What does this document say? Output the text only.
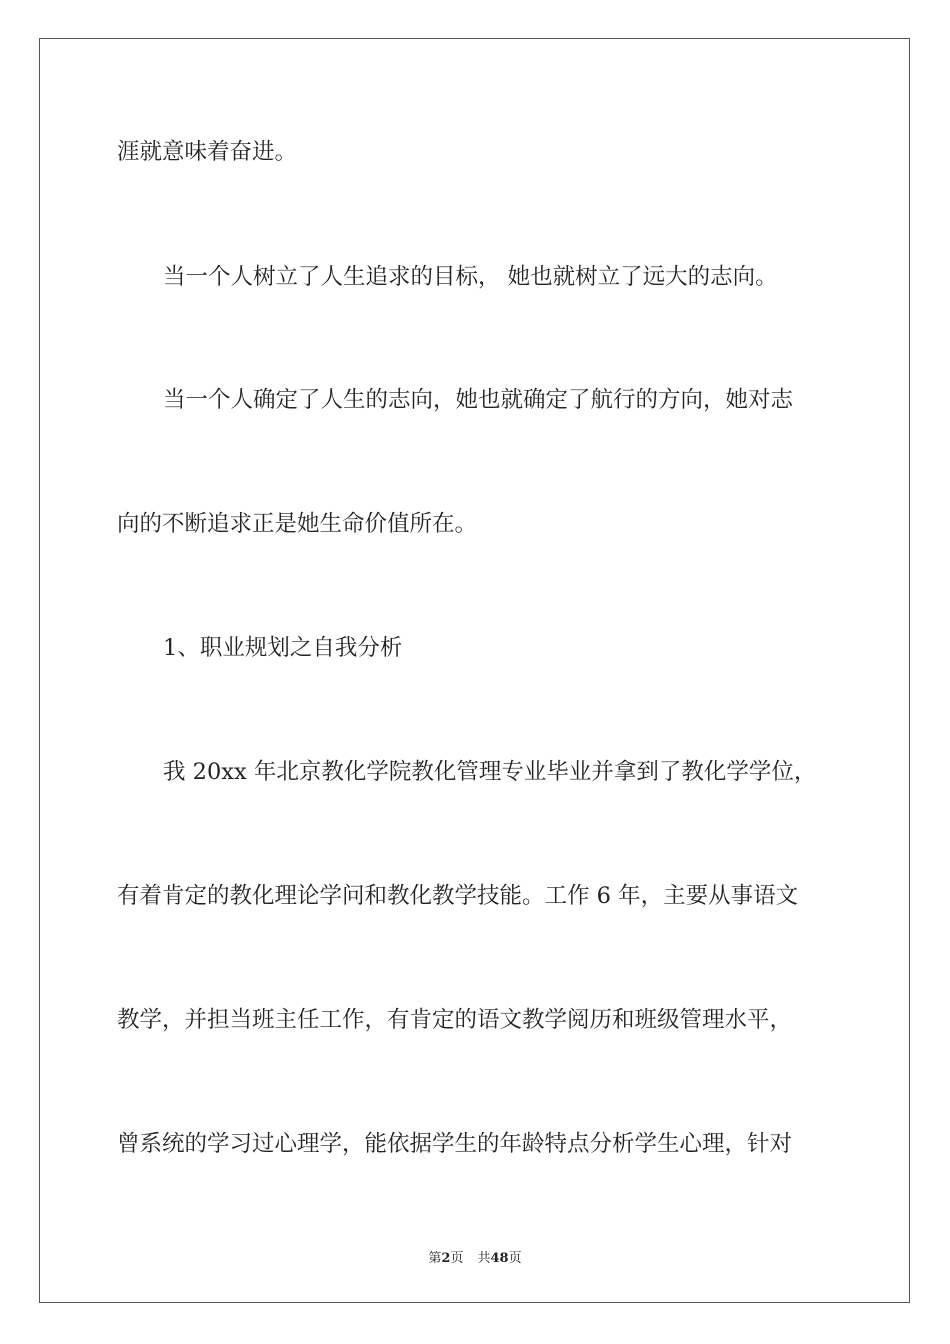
涯就意味着奋进。
当一个人树立了人生追求的目标， 她也就树立了远大的志向。
当一个人确定了人生的志向，她也就确定了航行的方向，她对志
向的不断追求正是她生命价值所在。
1、职业规划之自我分析
我 20xx 年北京教化学院教化管理专业毕业并拿到了教化学学位，
有着肯定的教化理论学问和教化教学技能。工作 6 年，主要从事语文
教学，并担当班主任工作，有肯定的语文教学阅历和班级管理水平，
曾系统的学习过心理学，能依据学生的年龄特点分析学生心理，针对
第2页 共48页
